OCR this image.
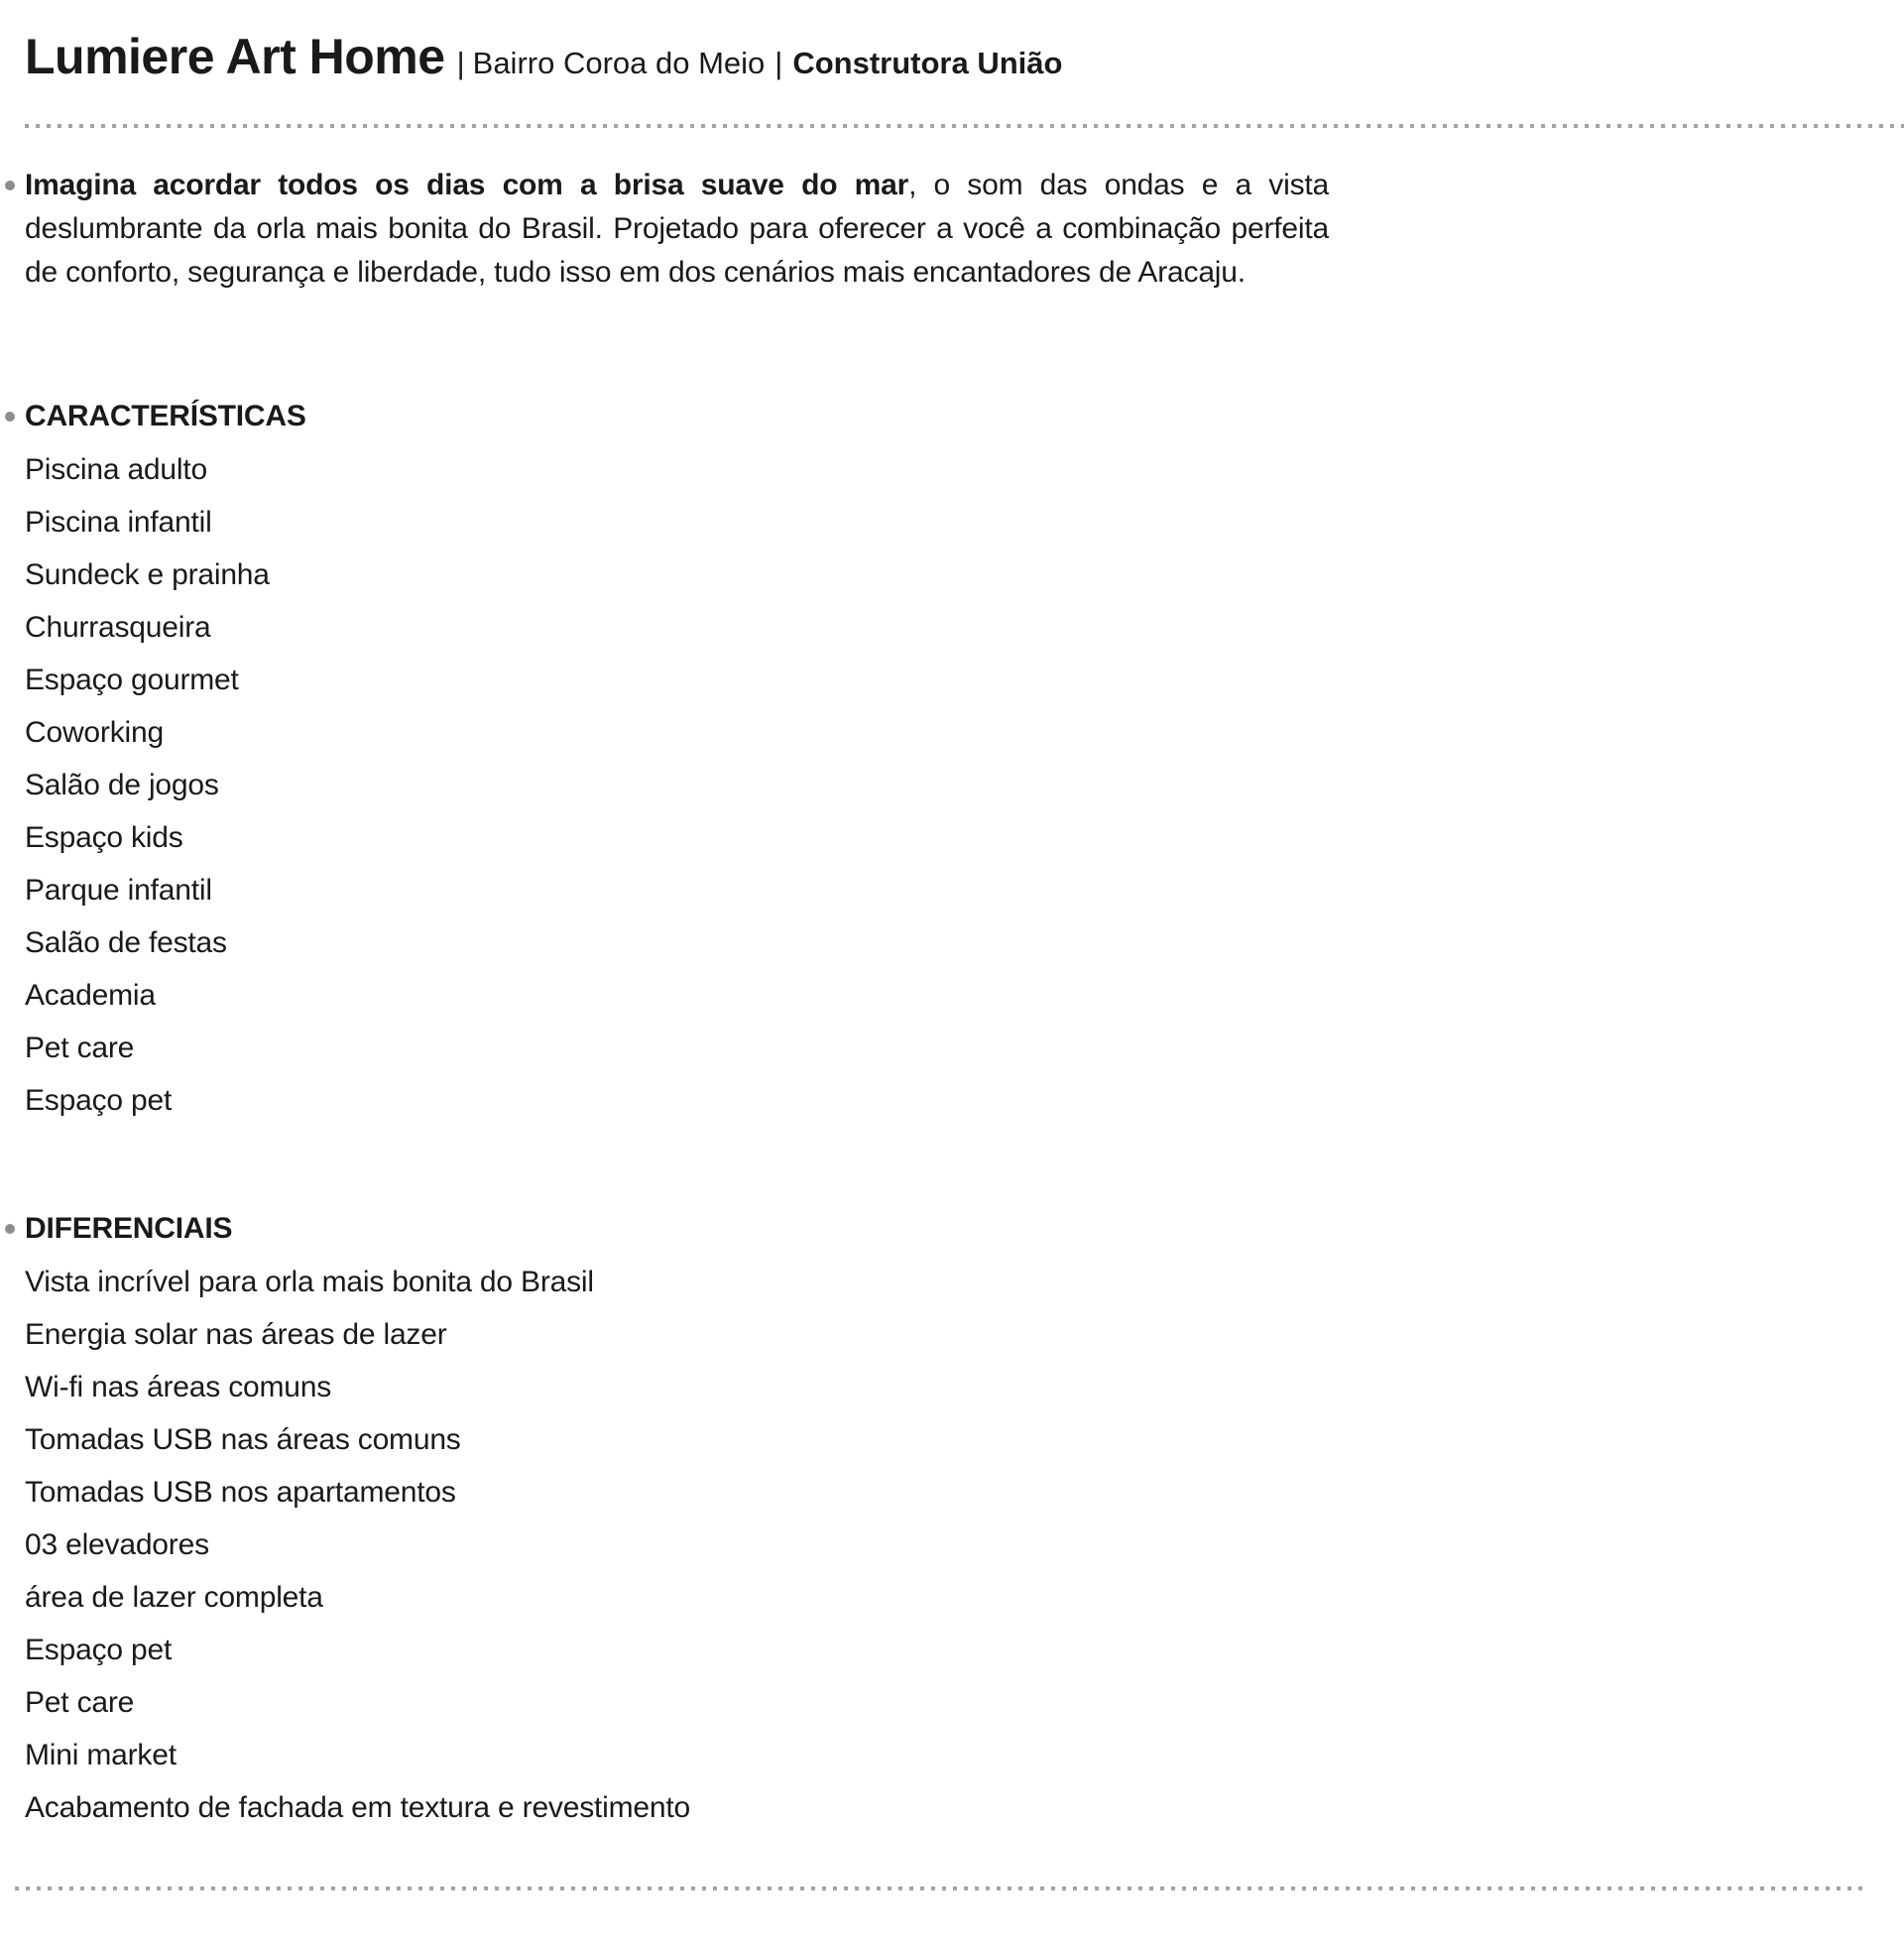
Lumiere Art Home | Bairro Coroa do Meio | Construtora União

Imagina acordar todos os dias com a brisa suave do mar, o som das ondas e a vista deslumbrante da orla mais bonita do Brasil. Projetado para oferecer a você a combinação perfeita de conforto, segurança e liberdade, tudo isso em dos cenários mais encantadores de Aracaju.

CARACTERÍSTICAS
Piscina adulto
Piscina infantil
Sundeck e prainha
Churrasqueira
Espaço gourmet
Coworking
Salão de jogos
Espaço kids
Parque infantil
Salão de festas
Academia
Pet care
Espaço pet
DIFERENCIAIS
Vista incrível para orla mais bonita do Brasil
Energia solar nas áreas de lazer
Wi-fi nas áreas comuns
Tomadas USB nas áreas comuns
Tomadas USB nos apartamentos
03 elevadores
área de lazer completa
Espaço pet
Pet care
Mini market
Acabamento de fachada em textura e revestimento
